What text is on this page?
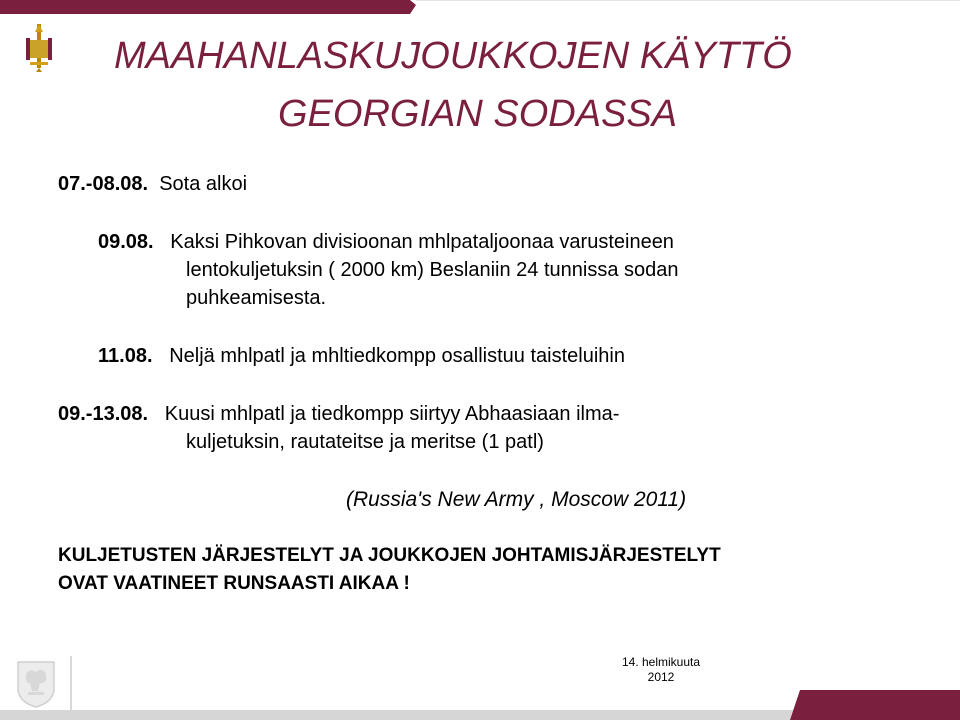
MAAHANLASKUJOUKKOJEN KÄYTTÖ
GEORGIAN SODASSA
07.-08.08. Sota alkoi
09.08. Kaksi Pihkovan divisioonan mhlpataljoonaa varusteineen
lentokuljetuksin ( 2000 km) Beslaniin 24 tunnissa sodan
puhkeamisesta.
11.08. Neljä mhlpatl ja mhltiedkompp osallistuu taisteluihin
09.-13.08. Kuusi mhlpatl ja tiedkompp siirtyy Abhaasiaan ilma-
kuljetuksin, rautateitse ja meritse (1 patl)
(Russia's New Army , Moscow 2011)
KULJETUSTEN JÄRJESTELYT JA JOUKKOJEN JOHTAMISJÄRJESTELYT
OVAT VAATINEET RUNSAASTI AIKAA !
14. helmikuuta
2012
